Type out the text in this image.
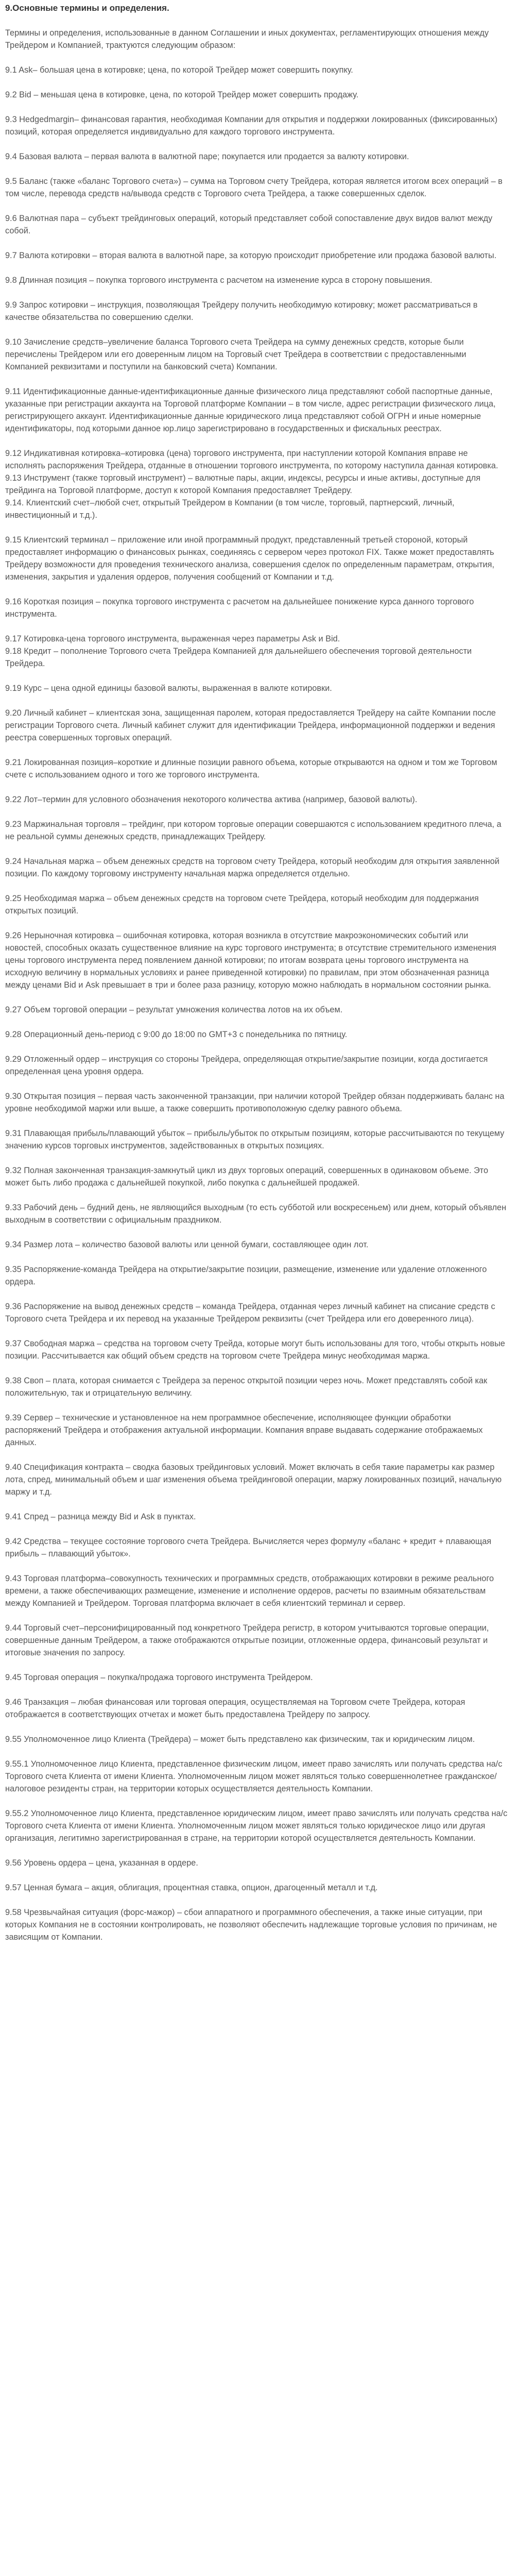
9.Основные термины и определения.
Термины и определения, использованные в данном Соглашении и иных документах, регламентирующих отношения между Трейдером и Компанией, трактуются следующим образом:
9.1 Ask– большая цена в котировке; цена, по которой Трейдер может совершить покупку.
9.2 Bid – меньшая цена в котировке, цена, по которой Трейдер может совершить продажу.
9.3 Hedgedmargin– финансовая гарантия, необходимая Компании для открытия и поддержки локированных (фиксированных) позиций, которая определяется индивидуально для каждого торгового инструмента.
9.4 Базовая валюта – первая валюта в валютной паре; покупается или продается за валюту котировки.
9.5 Баланс (также «баланс Торгового счета») – сумма на Торговом счету Трейдера, которая является итогом всех операций – в том числе, перевода средств на/вывода средств с Торгового счета Трейдера, а также совершенных сделок.
9.6 Валютная пара – субъект трейдинговых операций, который представляет собой сопоставление двух видов валют между собой.
9.7 Валюта котировки – вторая валюта в валютной паре, за которую происходит приобретение или продажа базовой валюты.
9.8 Длинная позиция – покупка торгового инструмента с расчетом на изменение курса в сторону повышения.
9.9 Запрос котировки – инструкция, позволяющая Трейдеру получить необходимую котировку; может рассматриваться в качестве обязательства по совершению сделки.
9.10 Зачисление средств–увеличение баланса Торгового счета Трейдера на сумму денежных средств, которые были перечислены Трейдером или его доверенным лицом на Торговый счет Трейдера в соответствии с предоставленными Компанией реквизитами и поступили на банковский счета) Компании.
9.11 Идентификационные данные-идентификационные данные физического лица представляют собой паспортные данные, указанные при регистрации аккаунта на Торговой платформе Компании – в том числе, адрес регистрации физического лица, регистрирующего аккаунт. Идентификационные данные юридического лица представляют собой ОГРН и иные номерные идентификаторы, под которыми данное юр.лицо зарегистрировано в государственных и фискальных реестрах.
9.12 Индикативная котировка–котировка (цена) торгового инструмента, при наступлении которой Компания вправе не исполнять распоряжения Трейдера, отданные в отношении торгового инструмента, по которому наступила данная котировка.
9.13 Инструмент (также торговый инструмент) – валютные пары, акции, индексы, ресурсы и иные активы, доступные для трейдинга на Торговой платформе, доступ к которой Компания предоставляет Трейдеру.
9.14. Клиентский счет–любой счет, открытый Трейдером в Компании (в том числе, торговый, партнерский, личный, инвестиционный и т.д.).
9.15 Клиентский терминал – приложение или иной программный продукт, представленный третьей стороной, который предоставляет информацию о финансовых рынках, соединяясь с сервером через протокол FIX. Также может предоставлять Трейдеру возможности для проведения технического анализа, совершения сделок по определенным параметрам, открытия, изменения, закрытия и удаления ордеров, получения сообщений от Компании и т.д.
9.16 Короткая позиция – покупка торгового инструмента с расчетом на дальнейшее понижение курса данного торгового инструмента.
9.17 Котировка-цена торгового инструмента, выраженная через параметры Ask и Bid.
9.18 Кредит – пополнение Торгового счета Трейдера Компанией для дальнейшего обеспечения торговой деятельности Трейдера.
9.19 Курс – цена одной единицы базовой валюты, выраженная в валюте котировки.
9.20 Личный кабинет – клиентская зона, защищенная паролем, которая предоставляется Трейдеру на сайте Компании после регистрации Торгового счета. Личный кабинет служит для идентификации Трейдера, информационной поддержки и ведения реестра совершенных торговых операций.
9.21 Локированная позиция–короткие и длинные позиции равного объема, которые открываются на одном и том же Торговом счете с использованием одного и того же торгового инструмента.
9.22 Лот–термин для условного обозначения некоторого количества актива (например, базовой валюты).
9.23 Маржинальная торговля – трейдинг, при котором торговые операции совершаются с использованием кредитного плеча, а не реальной суммы денежных средств, принадлежащих Трейдеру.
9.24 Начальная маржа – объем денежных средств на торговом счету Трейдера, который необходим для открытия заявленной позиции. По каждому торговому инструменту начальная маржа определяется отдельно.
9.25 Необходимая маржа – объем денежных средств на торговом счете Трейдера, который необходим для поддержания открытых позиций.
9.26 Нерыночная котировка – ошибочная котировка, которая возникла в отсутствие макроэкономических событий или новостей, способных оказать существенное влияние на курс торгового инструмента; в отсутствие стремительного изменения цены торгового инструмента перед появлением данной котировки; по итогам возврата цены торгового инструмента на исходную величину в нормальных условиях и ранее приведенной котировки) по правилам, при этом обозначенная разница между ценами Bid и Ask превышает в три и более раза разницу, которую можно наблюдать в нормальном состоянии рынка.
9.27 Объем торговой операции – результат умножения количества лотов на их объем.
9.28 Операционный день-период с 9:00 до 18:00 по GMT+3 с понедельника по пятницу.
9.29 Отложенный ордер – инструкция со стороны Трейдера, определяющая открытие/закрытие позиции, когда достигается определенная цена уровня ордера.
9.30 Открытая позиция – первая часть законченной транзакции, при наличии которой Трейдер обязан поддерживать баланс на уровне необходимой маржи или выше, а также совершить противоположную сделку равного объема.
9.31 Плавающая прибыль/плавающий убыток – прибыль/убыток по открытым позициям, которые рассчитываются по текущему значению курсов торговых инструментов, задействованных в открытых позициях.
9.32 Полная законченная транзакция-замкнутый цикл из двух торговых операций, совершенных в одинаковом объеме. Это может быть либо продажа с дальнейшей покупкой, либо покупка с дальнейшей продажей.
9.33 Рабочий день – будний день, не являющийся выходным (то есть субботой или воскресеньем) или днем, который объявлен выходным в соответствии с официальным праздником.
9.34 Размер лота – количество базовой валюты или ценной бумаги, составляющее один лот.
9.35 Распоряжение-команда Трейдера на открытие/закрытие позиции, размещение, изменение или удаление отложенного ордера.
9.36 Распоряжение на вывод денежных средств – команда Трейдера, отданная через личный кабинет на списание средств с Торгового счета Трейдера и их перевод на указанные Трейдером реквизиты (счет Трейдера или его доверенного лица).
9.37 Свободная маржа – средства на торговом счету Трейда, которые могут быть использованы для того, чтобы открыть новые позиции. Рассчитывается как общий объем средств на торговом счете Трейдера минус необходимая маржа.
9.38 Своп – плата, которая снимается с Трейдера за перенос открытой позиции через ночь. Может представлять собой как положительную, так и отрицательную величину.
9.39 Сервер – технические и установленное на нем программное обеспечение, исполняющее функции обработки распоряжений Трейдера и отображения актуальной информации. Компания вправе выдавать содержание отображаемых данных.
9.40 Спецификация контракта – сводка базовых трейдинговых условий. Может включать в себя такие параметры как размер лота, спред, минимальный объем и шаг изменения объема трейдинговой операции, маржу локированных позиций, начальную маржу и т.д.
9.41 Спред – разница между Bid и Ask в пунктах.
9.42 Средства – текущее состояние торгового счета Трейдера. Вычисляется через формулу «баланс + кредит + плавающая прибыль – плавающий убыток».
9.43 Торговая платформа–совокупность технических и программных средств, отображающих котировки в режиме реального времени, а также обеспечивающих размещение, изменение и исполнение ордеров, расчеты по взаимным обязательствам между Компанией и Трейдером. Торговая платформа включает в себя клиентский терминал и сервер.
9.44 Торговый счет–персонифицированный под конкретного Трейдера регистр, в котором учитываются торговые операции, совершенные данным Трейдером, а также отображаются открытые позиции, отложенные ордера, финансовый результат и итоговые значения по запросу.
9.45 Торговая операция – покупка/продажа торгового инструмента Трейдером.
9.46 Транзакция – любая финансовая или торговая операция, осуществляемая на Торговом счете Трейдера, которая отображается в соответствующих отчетах и может быть предоставлена Трейдеру по запросу.
9.55 Уполномоченное лицо Клиента (Трейдера) – может быть представлено как физическим, так и юридическим лицом.
9.55.1 Уполномоченное лицо Клиента, представленное физическим лицом, имеет право зачислять или получать средства на/с Торгового счета Клиента от имени Клиента. Уполномоченным лицом может являться только совершеннолетнее гражданское/налоговое резиденты стран, на территории которых осуществляется деятельность Компании.
9.55.2 Уполномоченное лицо Клиента, представленное юридическим лицом, имеет право зачислять или получать средства на/с Торгового счета Клиента от имени Клиента. Уполномоченным лицом может являться только юридическое лицо или другая организация, легитимно зарегистрированная в стране, на территории которой осуществляется деятельность Компании.
9.56 Уровень ордера – цена, указанная в ордере.
9.57 Ценная бумага – акция, облигация, процентная ставка, опцион, драгоценный металл и т.д.
9.58 Чрезвычайная ситуация (форс-мажор) – сбои аппаратного и программного обеспечения, а также иные ситуации, при которых Компания не в состоянии контролировать, не позволяют обеспечить надлежащие торговые условия по причинам, не зависящим от Компании.
